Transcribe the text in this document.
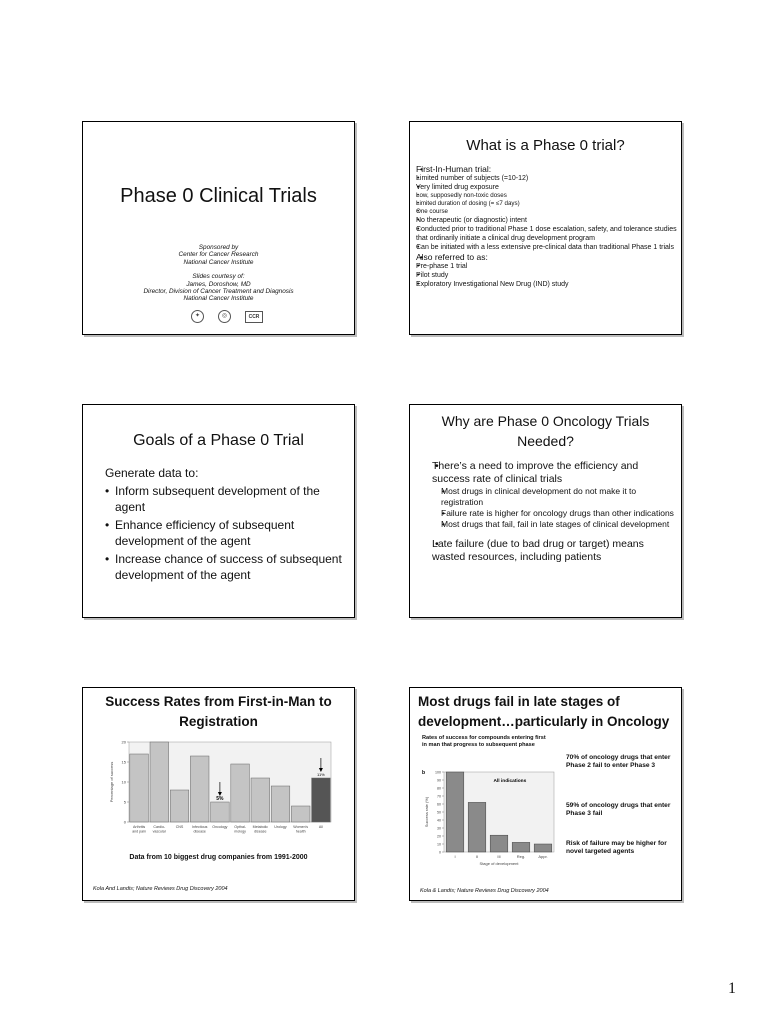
Phase 0 Clinical Trials
Sponsored by
Center for Cancer Research
National Cancer Institute
Slides courtesy of:
James, Doroshow, MD
Director, Division of Cancer Treatment and Diagnosis
National Cancer Institute
✦	◎	CCR
What is a Phase 0 trial?
• First-In-Human trial:
• Limited number of subjects (=10-12)
• Very limited drug exposure
• Low, supposedly non-toxic doses
• Limited duration of dosing (= ≤7 days)
• One course
• No therapeutic (or diagnostic) intent
• Conducted prior to traditional Phase 1 dose escalation, safety, and tolerance studies that ordinarily initiate a clinical drug development program
• Can be initiated with a less extensive pre-clinical data than traditional Phase 1 trials
• Also referred to as:
• Pre-phase 1 trial
• Pilot study
• Exploratory Investigational New Drug (IND) study
Goals of a Phase 0 Trial
Generate data to:
• Inform subsequent development of the agent
• Enhance efficiency of subsequent development of the agent
• Increase chance of success of subsequent development of the agent
Why are Phase 0 Oncology Trials Needed?
• There’s a need to improve the efficiency and success rate of clinical trials
• Most drugs in clinical development do not make it to registration
• Failure rate is higher for oncology drugs than other indications
• Most drugs that fail, fail in late stages of clinical development
• Late failure (due to bad drug or target) means wasted resources, including patients
Success Rates from First-in-Man to Registration
0
5
10
15
20
Percentage of success
Arthritis
and pain
Cardio-
vascular
CNS Infectious
disease
Oncology Opthal-
mology
Metabolic
disease
Urology Women's
health
All
5%
11%
Data from 10 biggest drug companies from 1991-2000
Kola And Landis; Nature Reviews Drug Discovery 2004
Most drugs fail in late stages of development…particularly in Oncology
Rates of success for compounds entering first in man that progress to subsequent phase
b
All indications
0
10
20
30
40
50
60
70
80
90
100
Success rate (%)
I	II	III	Reg.	Appr.
Stage of development
70% of oncology drugs that enter Phase 2 fail to enter Phase 3
59% of oncology drugs that enter Phase 3 fail
Risk of failure may be higher for novel targeted agents
Kola & Landis; Nature Reviews Drug Discovery 2004
1
